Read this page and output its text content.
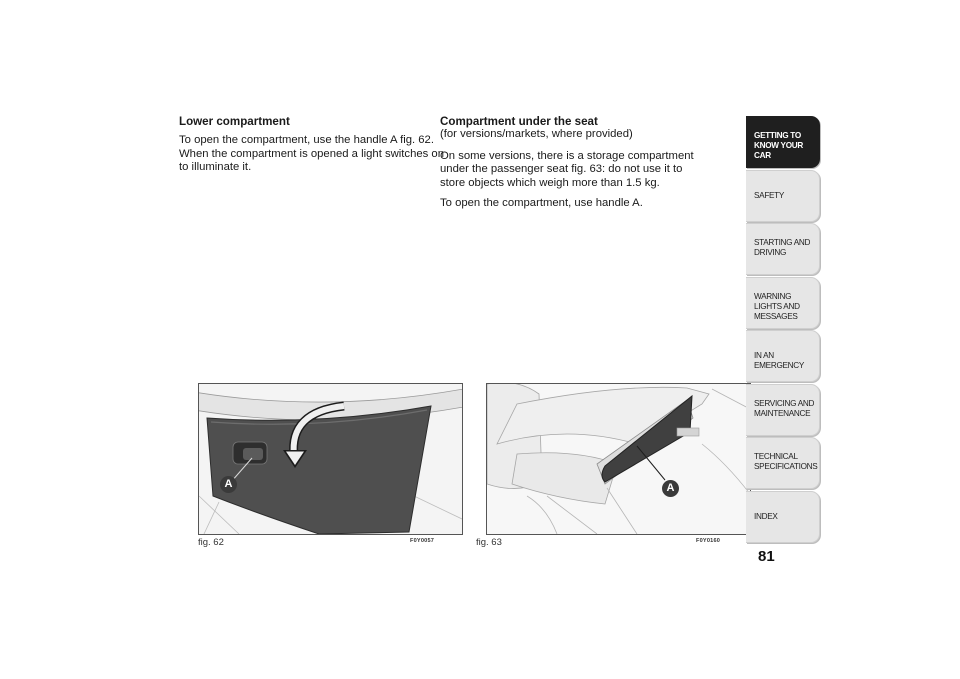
Lower compartment

To open the compartment, use the handle A fig. 62. When the compartment is opened a light switches on to illuminate it.

Compartment under the seat

(for versions/markets, where provided)

On some versions, there is a storage compartment under the passenger seat fig. 63: do not use it to store objects which weigh more than 1.5 kg.

To open the compartment, use handle A.

A
fig. 62	F0Y0057
A
fig. 63	F0Y0160
GETTING TO KNOW YOUR CAR
SAFETY
STARTING AND DRIVING
WARNING LIGHTS AND MESSAGES
IN AN EMERGENCY
SERVICING AND MAINTENANCE
TECHNICAL SPECIFICATIONS
INDEX
81
